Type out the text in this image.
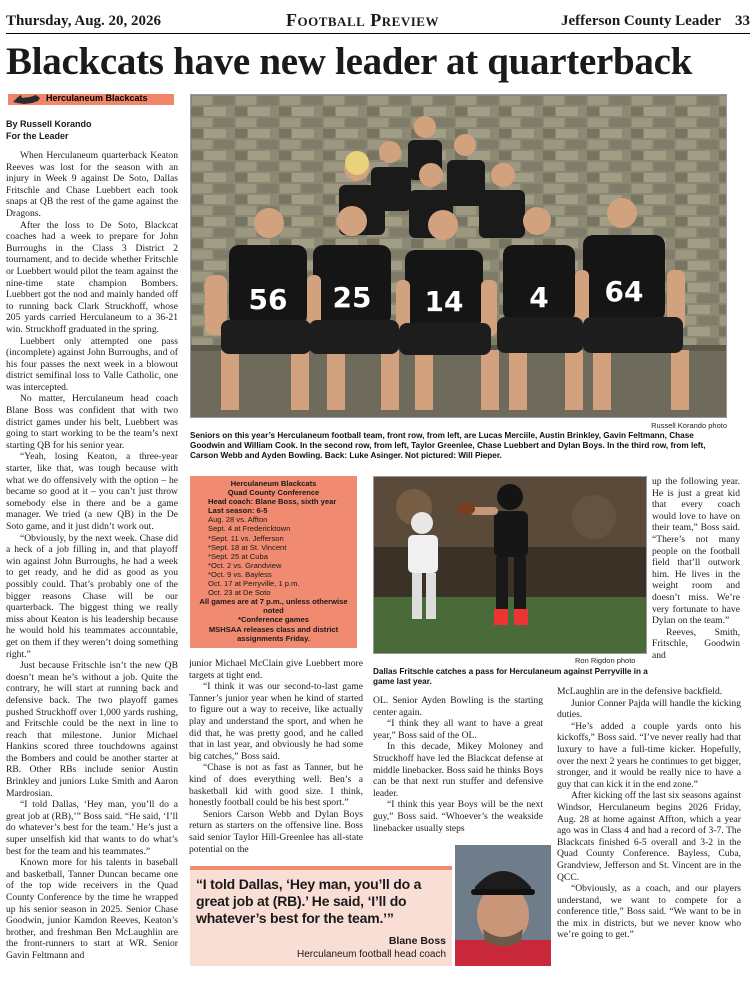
Thursday, Aug. 20, 2026	Football Preview	Jefferson County Leader 33
Blackcats have new leader at quarterback
Herculaneum Blackcats
By Russell Korando
For the Leader

When Herculaneum quarterback Keaton Reeves was lost for the season with an injury in Week 9 against De Soto, Dallas Fritschle and Chase Luebbert each took snaps at QB the rest of the game against the Dragons.

After the loss to De Soto, Blackcat coaches had a week to prepare for John Burroughs in the Class 3 District 2 tournament, and to decide whether Fritschle or Luebbert would pilot the team against the nine-time state champion Bombers. Luebbert got the nod and mainly handed off to running back Clark Struckhoff, whose 205 yards carried Herculaneum to a 36-21 win. Struckhoff graduated in the spring.

Luebbert only attempted one pass (incomplete) against John Burroughs, and of his four passes the next week in a blowout district semifinal loss to Valle Catholic, one was intercepted.

No matter, Herculaneum head coach Blane Boss was confident that with two district games under his belt, Luebbert was going to start working to be the team’s next starting QB for his senior year.

“Yeah, losing Keaton, a three-year starter, like that, was tough because with what we do offensively with the option – he became so good at it – you can’t just throw somebody else in there and be a game manager. We tried (a new QB) in the De Soto game, and it just didn’t work out.

“Obviously, by the next week. Chase did a heck of a job filling in, and that playoff win against John Burroughs, he had a week to get ready, and he did as good as you possibly could. That’s probably one of the bigger reasons Chase will be our quarterback. The biggest thing we really miss about Keaton is his leadership because he would hold his teammates accountable, get on them if they weren’t doing something right.”

Just because Fritschle isn’t the new QB doesn’t mean he’s without a job. Quite the contrary, he will start at running back and defensive back. The two playoff games pushed Struckhoff over 1,000 yards rushing, and Fritschle could be the next in line to reach that milestone. Junior Michael Hankins scored three touchdowns against the Bombers and could be another starter at RB. Other RBs include senior Austin Brinkley and juniors Luke Smith and Aaron Mardrosian.

“I told Dallas, ‘Hey man, you’ll do a great job at (RB),’” Boss said. “He said, ‘I’ll do whatever’s best for the team.’ He’s just a super unselfish kid that wants to do what’s best for the team and his teammates.”

Known more for his talents in baseball and basketball, Tanner Duncan became one of the top wide receivers in the Quad County Conference by the time he wrapped up his senior season in 2025. Senior Chase Goodwin, junior Kamdon Reeves, Keaton’s brother, and freshman Ben McLaughlin are the front-runners to start at WR. Senior Gavin Feltmann and

56 25 14 4 64
Russell Korando photo
Seniors on this year’s Herculaneum football team, front row, from left, are Lucas Merciile, Austin Brinkley, Gavin Feltmann, Chase Goodwin and William Cook. In the second row, from left, Taylor Greenlee, Chase Luebbert and Dylan Boys. In the third row, from left, Carson Webb and Ayden Bowling. Back: Luke Asinger. Not pictured: Will Pieper.
Herculaneum Blackcats
Quad County Conference
Head coach: Blane Boss, sixth year
Last season: 6-5
Aug. 28 vs. Affton
Sept. 4 at Fredericktown
*Sept. 11 vs. Jefferson
*Sept. 18 at St. Vincent
*Sept. 25 at Cuba
*Oct. 2 vs. Grandview
*Oct. 9 vs. Bayless
Oct. 17 at Perryville, 1 p.m.
Oct. 23 at De Soto
All games are at 7 p.m., unless otherwise noted
*Conference games
MSHSAA releases class and district assignments Friday.
Ron Rigdon photo
Dallas Fritschle catches a pass for Herculaneum against Perryville in a game last year.

junior Michael McClain give Luebbert more targets at tight end.

“I think it was our second-to-last game Tanner’s junior year when he kind of started to figure out a way to receive, like actually play and understand the sport, and when he did that, he was pretty good, and he called that in last year, and obviously he had some big catches,” Boss said.

“Chase is not as fast as Tanner, but he kind of does everything well. Ben’s a basketball kid with good size. I think, honestly football could be his best sport.”

Seniors Carson Webb and Dylan Boys return as starters on the offensive line. Boss said senior Taylor Hill-Greenlee has all-state potential on the

OL. Senior Ayden Bowling is the starting center again.

“I think they all want to have a great year,” Boss said of the OL.

In this decade, Mikey Moloney and Struckhoff have led the Blackcat defense at middle linebacker. Boss said he thinks Boys can be that next run stuffer and defensive leader.

“I think this year Boys will be the next guy,” Boss said. “Whoever’s the weakside linebacker usually steps

up the following year. He is just a great kid that every coach would love to have on their team,” Boss said. “There’s not many people on the football field that’ll outwork him. He lives in the weight room and doesn’t miss. We’re very fortunate to have Dylan on the team.”

Reeves, Smith, Fritschle, Goodwin and

McLaughlin are in the defensive backfield.

Junior Conner Pajda will handle the kicking duties.

“He’s added a couple yards onto his kickoffs,” Boss said. “I’ve never really had that luxury to have a full-time kicker. Hopefully, over the next 2 years he continues to get bigger, stronger, and it would be really nice to have a guy that can kick it in the end zone.”

After kicking off the last six seasons against Windsor, Herculaneum begins 2026 Friday, Aug. 28 at home against Affton, which a year ago was in Class 4 and had a record of 3-7. The Blackcats finished 6-5 overall and 3-2 in the Quad County Conference. Bayless, Cuba, Grandview, Jefferson and St. Vincent are in the QCC.

“Obviously, as a coach, and our players understand, we want to compete for a conference title,” Boss said. “We want to be in the mix in districts, but we never know who we’re going to get.”

“I told Dallas, ‘Hey man, you’ll do a great job at (RB).’ He said, ‘I’ll do whatever’s best for the team.’”
Blane Boss
Herculaneum football head coach
